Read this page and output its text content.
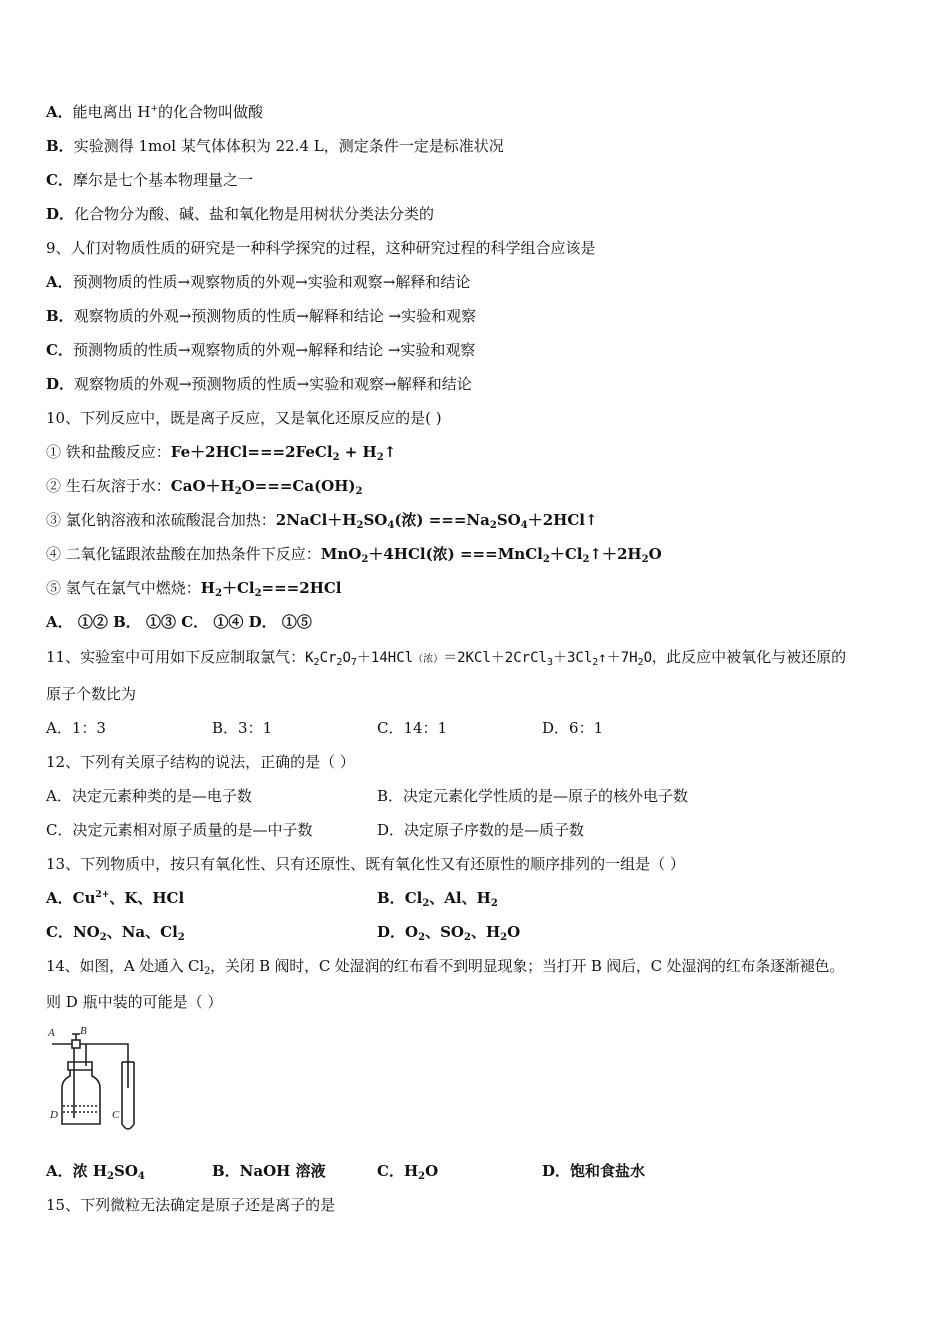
A．能电离出 H+的化合物叫做酸
B．实验测得 1mol 某气体体积为 22.4 L，测定条件一定是标准状况
C．摩尔是七个基本物理量之一
D．化合物分为酸、碱、盐和氧化物是用树状分类法分类的
9、人们对物质性质的研究是一种科学探究的过程，这种研究过程的科学组合应该是
A．预测物质的性质→观察物质的外观→实验和观察→解释和结论
B．观察物质的外观→预测物质的性质→解释和结论 →实验和观察
C．预测物质的性质→观察物质的外观→解释和结论 →实验和观察
D．观察物质的外观→预测物质的性质→实验和观察→解释和结论
10、下列反应中，既是离子反应，又是氧化还原反应的是( )
① 铁和盐酸反应：Fe＋2HCl===2FeCl$_2$ + $H_2↑$
② 生石灰溶于水：$CaO+H_2O===Ca(OH)_2$
③ 氯化钠溶液和浓硫酸混合加热：$2NaCl+H_2SO_4$(浓) $===Na_2SO_4+2HCl↑$
④ 二氧化锰跟浓盐酸在加热条件下反应：MnO$_2$＋4HCl(浓) $===MnCl_2+Cl_2↑+2H_2O$
⑤ 氢气在氯气中燃烧：$H_2+Cl_2===2HCl$
A． ①② B． ①③ C． ①④ D． ①⑤
11、实验室中可用如下反应制取氯气：$K_2Cr_2O_7+14HCl$（浓）$=2KCl+2CrCl_3+3Cl_2↑+7H_2O$，此反应中被氧化与被还原的
原子个数比为
A．1：3	B．3：1	C．14：1	D．6：1
12、下列有关原子结构的说法，正确的是（ ）
A．决定元素种类的是—电子数	B．决定元素化学性质的是—原子的核外电子数
C．决定元素相对原子质量的是—中子数	D．决定原子序数的是—质子数
13、下列物质中，按只有氧化性、只有还原性、既有氧化性又有还原性的顺序排列的一组是（ ）
A．$Cu^{2+}$、K、HCl	B．$Cl_2$、Al、$H_2$
C．$NO_2$、Na、$Cl_2$	D．$O_2$、$SO_2$、$H_2O$
14、如图，A 处通入 $Cl_2$，关闭 B 阀时，C 处湿润的红布看不到明显现象；当打开 B 阀后，C 处湿润的红布条逐渐褪色。
则 D 瓶中装的可能是（ ）
A B
D	C
A．浓 $H_2SO_4$	B．NaOH 溶液	C．$H_2O$	D．饱和食盐水
15、下列微粒无法确定是原子还是离子的是
